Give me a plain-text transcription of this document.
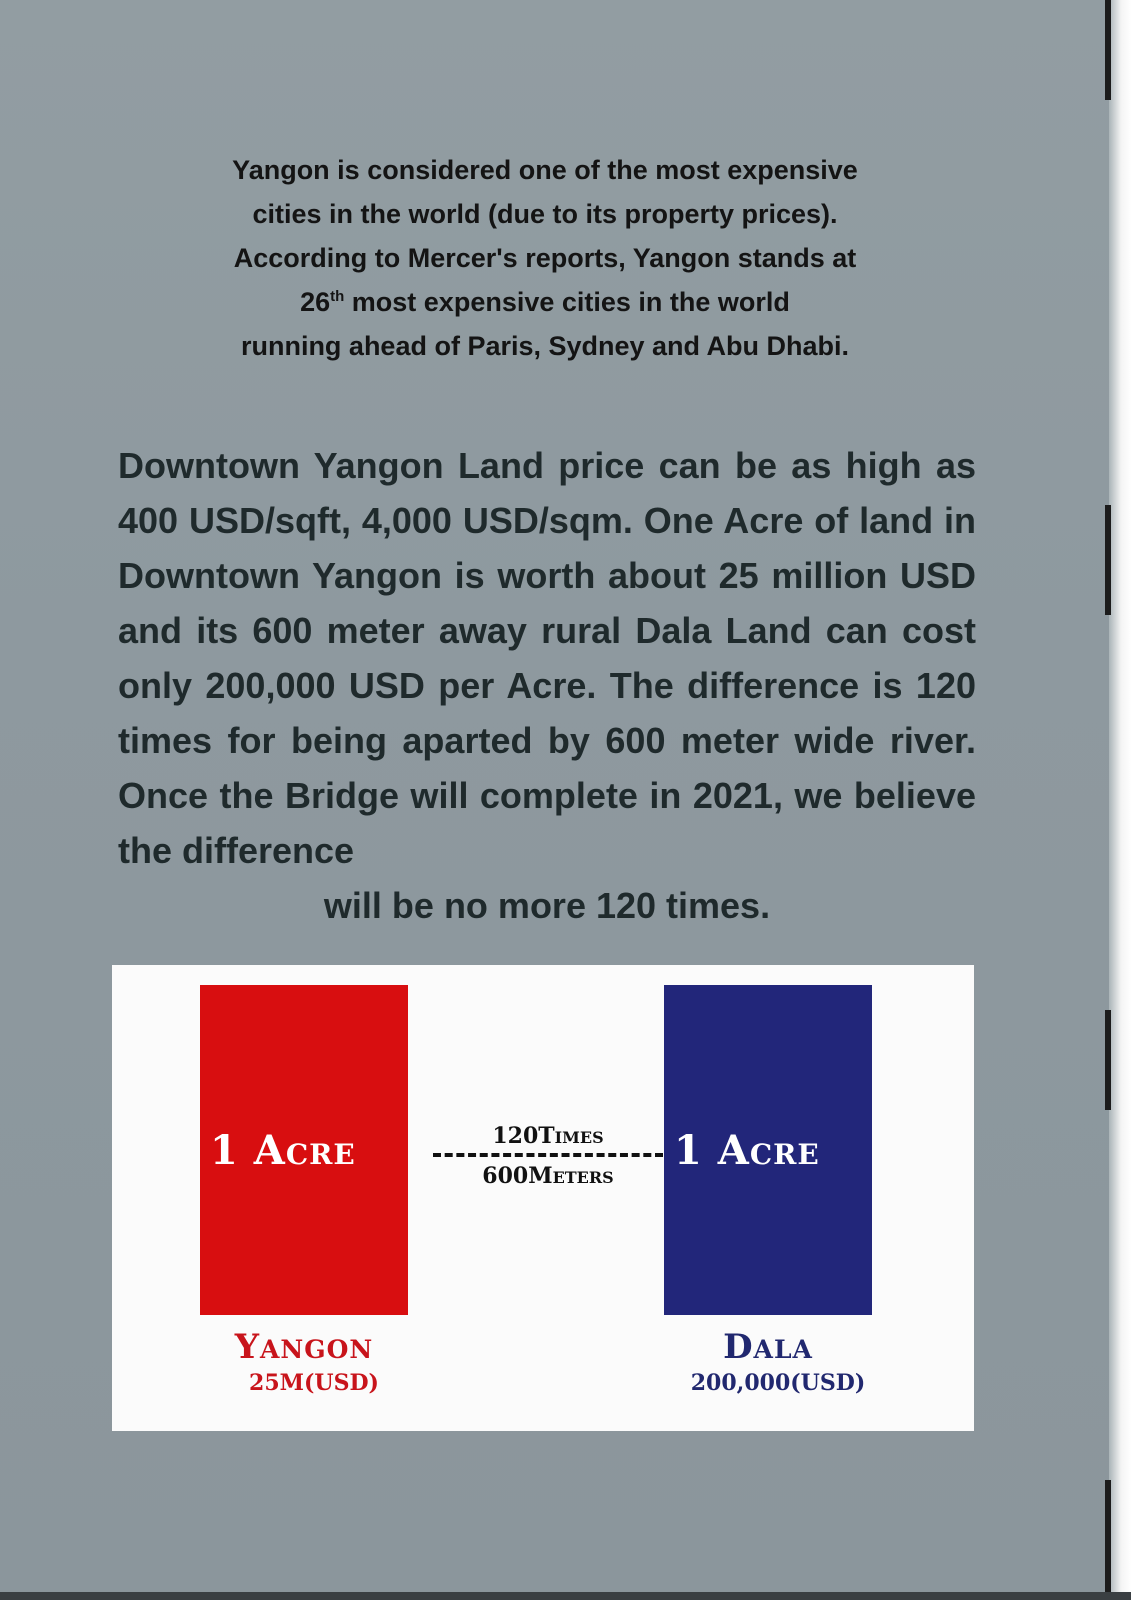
Yangon is considered one of the most expensive
cities in the world (due to its property prices).
According to Mercer's reports, Yangon stands at
26th most expensive cities in the world
running ahead of Paris, Sydney and Abu Dhabi.

Downtown Yangon Land price can be as high as 400 USD/sqft, 4,000 USD/sqm. One Acre of land in Downtown Yangon is worth about 25 million USD and its 600 meter away rural Dala Land can cost only 200,000 USD per Acre. The difference is 120 times for being aparted by 600 meter wide river. Once the Bridge will complete in 2021, we believe the difference

will be no more 120 times.

1 ACRE	1 ACRE

120TIMES

600METERS

YANGON

25M(USD)

DALA

200,000(USD)
